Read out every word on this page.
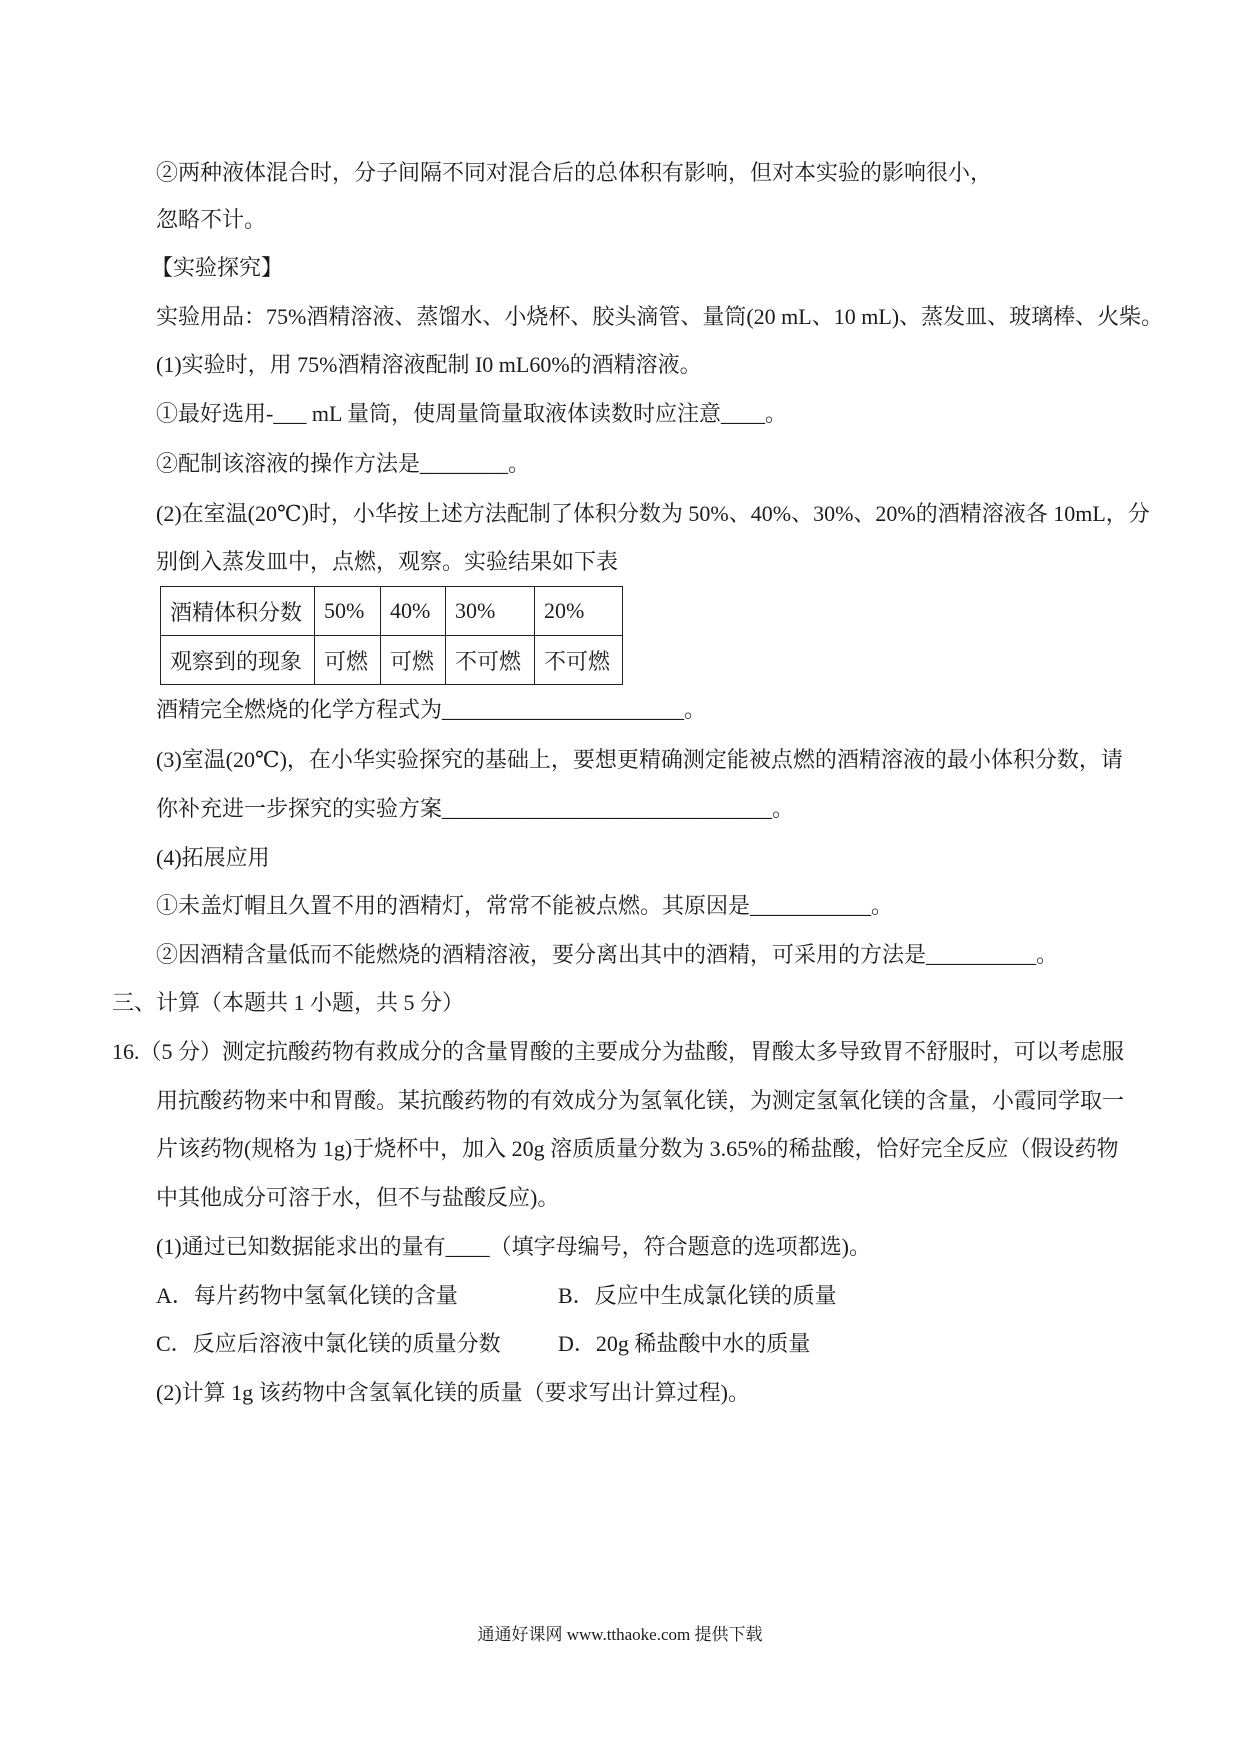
②两种液体混合时，分子间隔不同对混合后的总体积有影响，但对本实验的影响很小，
忽略不计。
【实验探究】
实验用品：75%酒精溶液、蒸馏水、小烧杯、胶头滴管、量筒(20 mL、10 mL)、蒸发皿、玻璃棒、火柴。
(1)实验时，用 75%酒精溶液配制 I0 mL60%的酒精溶液。
①最好选用-___ mL 量筒，使周量筒量取液体读数时应注意____。
②配制该溶液的操作方法是________。
(2)在室温(20℃)时，小华按上述方法配制了体积分数为 50%、40%、30%、20%的酒精溶液各 10mL，分
别倒入蒸发皿中，点燃，观察。实验结果如下表
酒精体积分数	50%	40%	30%	20%
观察到的现象	可燃	可燃	不可燃	不可燃
酒精完全燃烧的化学方程式为______________________。
(3)室温(20℃)，在小华实验探究的基础上，要想更精确测定能被点燃的酒精溶液的最小体积分数，请
你补充进一步探究的实验方案______________________________。
(4)拓展应用
①未盖灯帽且久置不用的酒精灯，常常不能被点燃。其原因是___________。
②因酒精含量低而不能燃烧的酒精溶液，要分离出其中的酒精，可采用的方法是__________。
三、计算（本题共 1 小题，共 5 分）
16.（5 分）测定抗酸药物有救成分的含量胃酸的主要成分为盐酸，胃酸太多导致胃不舒服时，可以考虑服
用抗酸药物来中和胃酸。某抗酸药物的有效成分为氢氧化镁，为测定氢氧化镁的含量，小霞同学取一
片该药物(规格为 1g)于烧杯中，加入 20g 溶质质量分数为 3.65%的稀盐酸，恰好完全反应（假设药物
中其他成分可溶于水，但不与盐酸反应)。
(1)通过已知数据能求出的量有____（填字母编号，符合题意的选项都选)。
A．每片药物中氢氧化镁的含量	B．反应中生成氯化镁的质量
C．反应后溶液中氯化镁的质量分数	D．20g 稀盐酸中水的质量
(2)计算 1g 该药物中含氢氧化镁的质量（要求写出计算过程)。
通通好课网 www.tthaoke.com 提供下载
